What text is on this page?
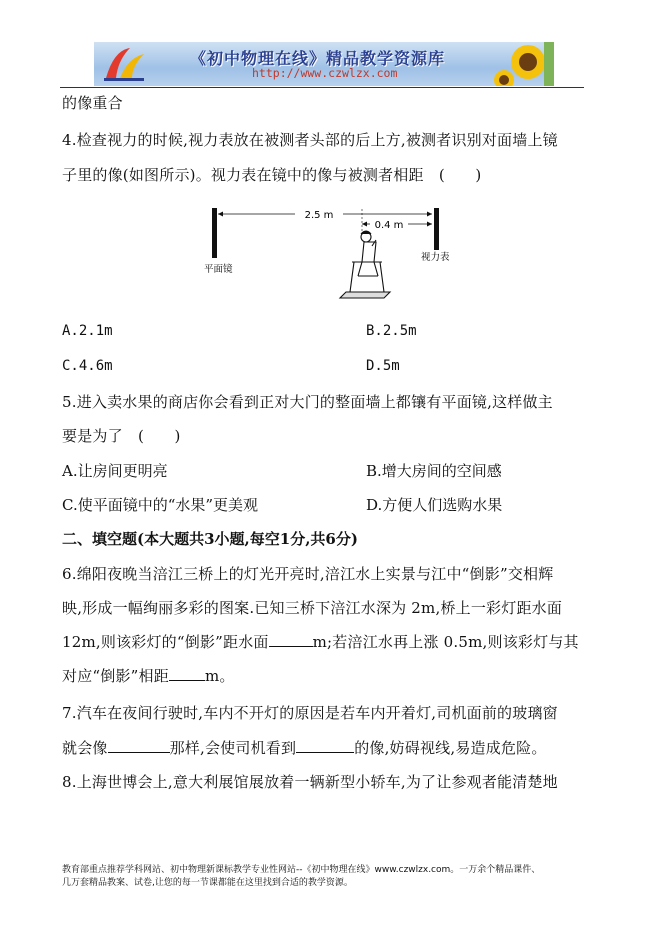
《初中物理在线》精品教学资源库
http://www.czwlzx.com
的像重合
4.检查视力的时候,视力表放在被测者头部的后上方,被测者识别对面墙上镜
子里的像(如图所示)。视力表在镜中的像与被测者相距　(　　)
2.5 m
0.4 m
平面镜
视力表
A.2.1m	B.2.5m
C.4.6m	D.5m
5.进入卖水果的商店你会看到正对大门的整面墙上都镶有平面镜,这样做主
要是为了　(　　)
A.让房间更明亮	B.增大房间的空间感
C.使平面镜中的“水果”更美观	D.方便人们选购水果
二、填空题(本大题共3小题,每空1分,共6分)
6.绵阳夜晚当涪江三桥上的灯光开亮时,涪江水上实景与江中“倒影”交相辉
映,形成一幅绚丽多彩的图案.已知三桥下涪江水深为 2m,桥上一彩灯距水面
12m,则该彩灯的“倒影”距水面	m;若涪江水再上涨 0.5m,则该彩灯与其
对应“倒影”相距 m。
7.汽车在夜间行驶时,车内不开灯的原因是若车内开着灯,司机面前的玻璃窗
就会像	那样,会使司机看到	的像,妨碍视线,易造成危险。
8.上海世博会上,意大利展馆展放着一辆新型小轿车,为了让参观者能清楚地
教育部重点推荐学科网站、初中物理新课标教学专业性网站--《初中物理在线》www.czwlzx.com。一万余个精品课件、
几万套精品教案、试卷,让您的每一节课都能在这里找到合适的教学资源。
